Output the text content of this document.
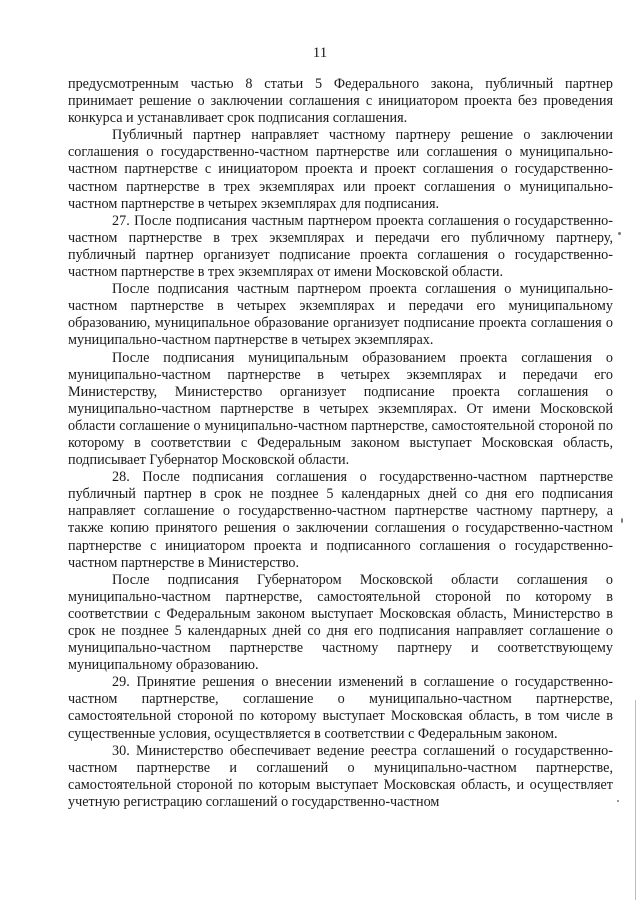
11

предусмотренным частью 8 статьи 5 Федерального закона, публичный партнер принимает решение о заключении соглашения с инициатором проекта без проведения конкурса и устанавливает срок подписания соглашения.

Публичный партнер направляет частному партнеру решение о заключении соглашения о государственно-частном партнерстве или соглашения о муниципально-частном партнерстве с инициатором проекта и проект соглашения о государственно-частном партнерстве в трех экземплярах или проект соглашения о муниципально-частном партнерстве в четырех экземплярах для подписания.

27. После подписания частным партнером проекта соглашения о государственно-частном партнерстве в трех экземплярах и передачи его публичному партнеру, публичный партнер организует подписание проекта соглашения о государственно-частном партнерстве в трех экземплярах от имени Московской области.

После подписания частным партнером проекта соглашения о муниципально-частном партнерстве в четырех экземплярах и передачи его муниципальному образованию, муниципальное образование организует подписание проекта соглашения о муниципально-частном партнерстве в четырех экземплярах.

После подписания муниципальным образованием проекта соглашения о муниципально-частном партнерстве в четырех экземплярах и передачи его Министерству, Министерство организует подписание проекта соглашения о муниципально-частном партнерстве в четырех экземплярах. От имени Московской области соглашение о муниципально-частном партнерстве, самостоятельной стороной по которому в соответствии с Федеральным законом выступает Московская область, подписывает Губернатор Московской области.

28. После подписания соглашения о государственно-частном партнерстве публичный партнер в срок не позднее 5 календарных дней со дня его подписания направляет соглашение о государственно-частном партнерстве частному партнеру, а также копию принятого решения о заключении соглашения о государственно-частном партнерстве с инициатором проекта и подписанного соглашения о государственно-частном партнерстве в Министерство.

После подписания Губернатором Московской области соглашения о муниципально-частном партнерстве, самостоятельной стороной по которому в соответствии с Федеральным законом выступает Московская область, Министерство в срок не позднее 5 календарных дней со дня его подписания направляет соглашение о муниципально-частном партнерстве частному партнеру и соответствующему муниципальному образованию.

29. Принятие решения о внесении изменений в соглашение о государственно-частном партнерстве, соглашение о муниципально-частном партнерстве, самостоятельной стороной по которому выступает Московская область, в том числе в существенные условия, осуществляется в соответствии с Федеральным законом.

30. Министерство обеспечивает ведение реестра соглашений о государственно-частном партнерстве и соглашений о муниципально-частном партнерстве, самостоятельной стороной по которым выступает Московская область, и осуществляет учетную регистрацию соглашений о государственно-частном
